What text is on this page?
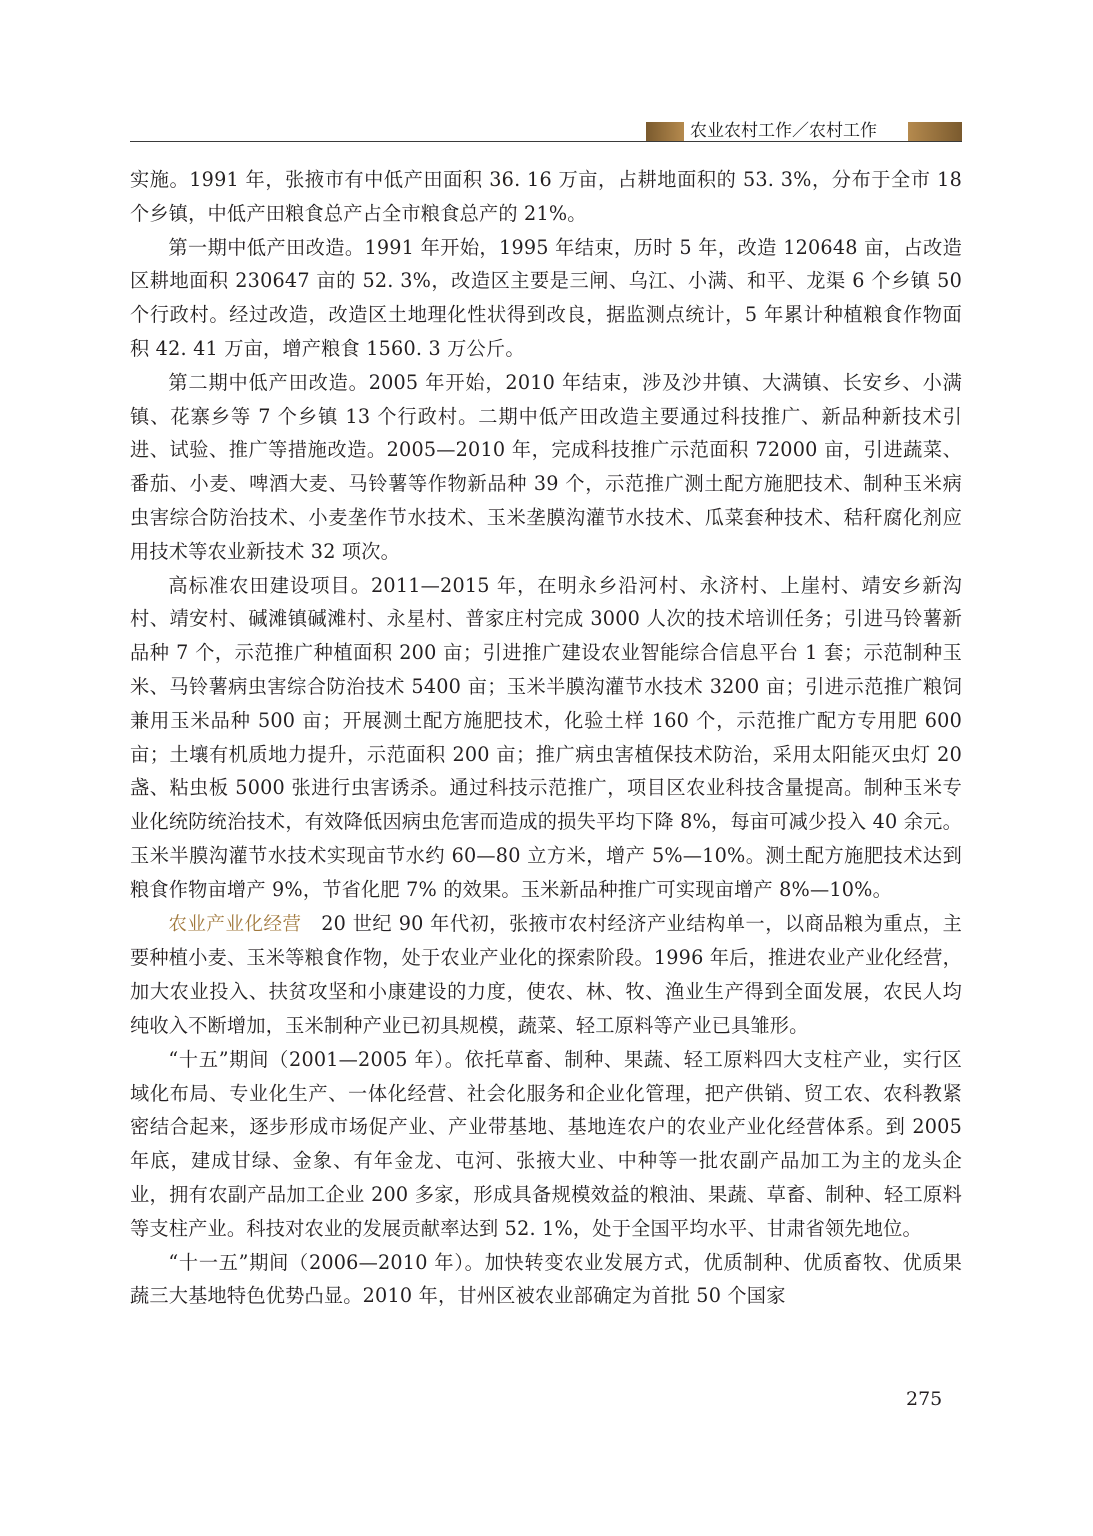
农业农村工作／农村工作

实施。1991 年，张掖市有中低产田面积 36. 16 万亩，占耕地面积的 53. 3%，分布于全市 18 个乡镇，中低产田粮食总产占全市粮食总产的 21%。

第一期中低产田改造。1991 年开始，1995 年结束，历时 5 年，改造 120648 亩，占改造区耕地面积 230647 亩的 52. 3%，改造区主要是三闸、乌江、小满、和平、龙渠 6 个乡镇 50 个行政村。经过改造，改造区土地理化性状得到改良，据监测点统计，5 年累计种植粮食作物面积 42. 41 万亩，增产粮食 1560. 3 万公斤。

第二期中低产田改造。2005 年开始，2010 年结束，涉及沙井镇、大满镇、长安乡、小满镇、花寨乡等 7 个乡镇 13 个行政村。二期中低产田改造主要通过科技推广、新品种新技术引进、试验、推广等措施改造。2005—2010 年，完成科技推广示范面积 72000 亩，引进蔬菜、番茄、小麦、啤酒大麦、马铃薯等作物新品种 39 个，示范推广测土配方施肥技术、制种玉米病虫害综合防治技术、小麦垄作节水技术、玉米垄膜沟灌节水技术、瓜菜套种技术、秸秆腐化剂应用技术等农业新技术 32 项次。

高标准农田建设项目。2011—2015 年，在明永乡沿河村、永济村、上崖村、靖安乡新沟村、靖安村、碱滩镇碱滩村、永星村、普家庄村完成 3000 人次的技术培训任务；引进马铃薯新品种 7 个，示范推广种植面积 200 亩；引进推广建设农业智能综合信息平台 1 套；示范制种玉米、马铃薯病虫害综合防治技术 5400 亩；玉米半膜沟灌节水技术 3200 亩；引进示范推广粮饲兼用玉米品种 500 亩；开展测土配方施肥技术，化验土样 160 个，示范推广配方专用肥 600 亩；土壤有机质地力提升，示范面积 200 亩；推广病虫害植保技术防治，采用太阳能灭虫灯 20 盏、粘虫板 5000 张进行虫害诱杀。通过科技示范推广，项目区农业科技含量提高。制种玉米专业化统防统治技术，有效降低因病虫危害而造成的损失平均下降 8%，每亩可减少投入 40 余元。玉米半膜沟灌节水技术实现亩节水约 60—80 立方米，增产 5%—10%。测土配方施肥技术达到粮食作物亩增产 9%，节省化肥 7% 的效果。玉米新品种推广可实现亩增产 8%—10%。

农业产业化经营　20 世纪 90 年代初，张掖市农村经济产业结构单一，以商品粮为重点，主要种植小麦、玉米等粮食作物，处于农业产业化的探索阶段。1996 年后，推进农业产业化经营，加大农业投入、扶贫攻坚和小康建设的力度，使农、林、牧、渔业生产得到全面发展，农民人均纯收入不断增加，玉米制种产业已初具规模，蔬菜、轻工原料等产业已具雏形。

“十五”期间（2001—2005 年）。依托草畜、制种、果蔬、轻工原料四大支柱产业，实行区域化布局、专业化生产、一体化经营、社会化服务和企业化管理，把产供销、贸工农、农科教紧密结合起来，逐步形成市场促产业、产业带基地、基地连农户的农业产业化经营体系。到 2005 年底，建成甘绿、金象、有年金龙、屯河、张掖大业、中种等一批农副产品加工为主的龙头企业，拥有农副产品加工企业 200 多家，形成具备规模效益的粮油、果蔬、草畜、制种、轻工原料等支柱产业。科技对农业的发展贡献率达到 52. 1%，处于全国平均水平、甘肃省领先地位。

“十一五”期间（2006—2010 年）。加快转变农业发展方式，优质制种、优质畜牧、优质果蔬三大基地特色优势凸显。2010 年，甘州区被农业部确定为首批 50 个国家

275
